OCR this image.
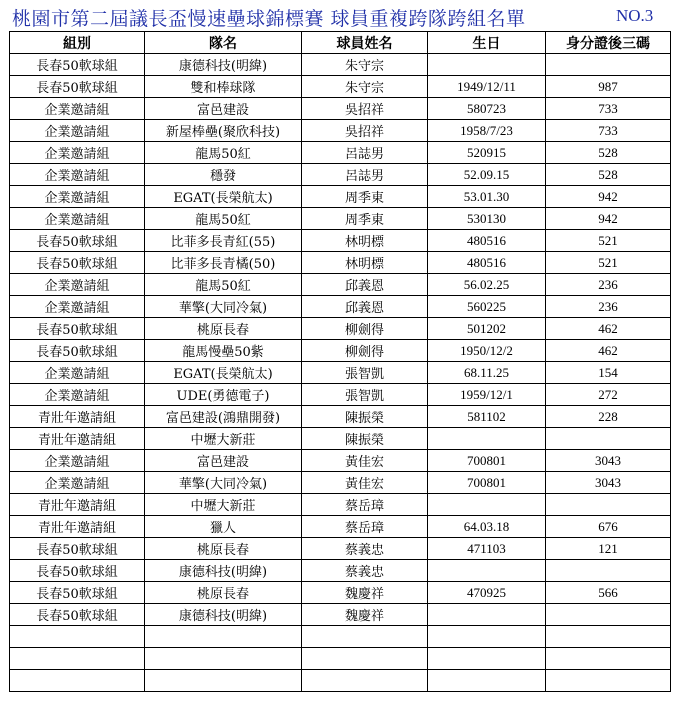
桃園市第二屆議長盃慢速壘球錦標賽 球員重複跨隊跨組名單	NO.3
組別	隊名	球員姓名	生日	身分證後三碼
長春50軟球組	康德科技(明緯)	朱守宗		
長春50軟球組	雙和棒球隊	朱守宗	1949/12/11	987
企業邀請組	富邑建設	吳招祥	580723	733
企業邀請組	新屋棒壘(聚欣科技)	吳招祥	1958/7/23	733
企業邀請組	龍馬50紅	呂誌男	520915	528
企業邀請組	穩發	呂誌男	52.09.15	528
企業邀請組	EGAT(長榮航太)	周季東	53.01.30	942
企業邀請組	龍馬50紅	周季東	530130	942
長春50軟球組	比菲多長青紅(55)	林明標	480516	521
長春50軟球組	比菲多長青橘(50)	林明標	480516	521
企業邀請組	龍馬50紅	邱義恩	56.02.25	236
企業邀請組	華擎(大同冷氣)	邱義恩	560225	236
長春50軟球組	桃原長春	柳劍得	501202	462
長春50軟球組	龍馬慢壘50紫	柳劍得	1950/12/2	462
企業邀請組	EGAT(長榮航太)	張智凱	68.11.25	154
企業邀請組	UDE(勇德電子)	張智凱	1959/12/1	272
青壯年邀請組	富邑建設(鴻鼎開發)	陳振榮	581102	228
青壯年邀請組	中壢大新莊	陳振榮		
企業邀請組	富邑建設	黃佳宏	700801	3043
企業邀請組	華擎(大同冷氣)	黃佳宏	700801	3043
青壯年邀請組	中壢大新莊	蔡岳璋		
青壯年邀請組	獵人	蔡岳璋	64.03.18	676
長春50軟球組	桃原長春	蔡義忠	471103	121
長春50軟球組	康德科技(明緯)	蔡義忠		
長春50軟球組	桃原長春	魏慶祥	470925	566
長春50軟球組	康德科技(明緯)	魏慶祥		
